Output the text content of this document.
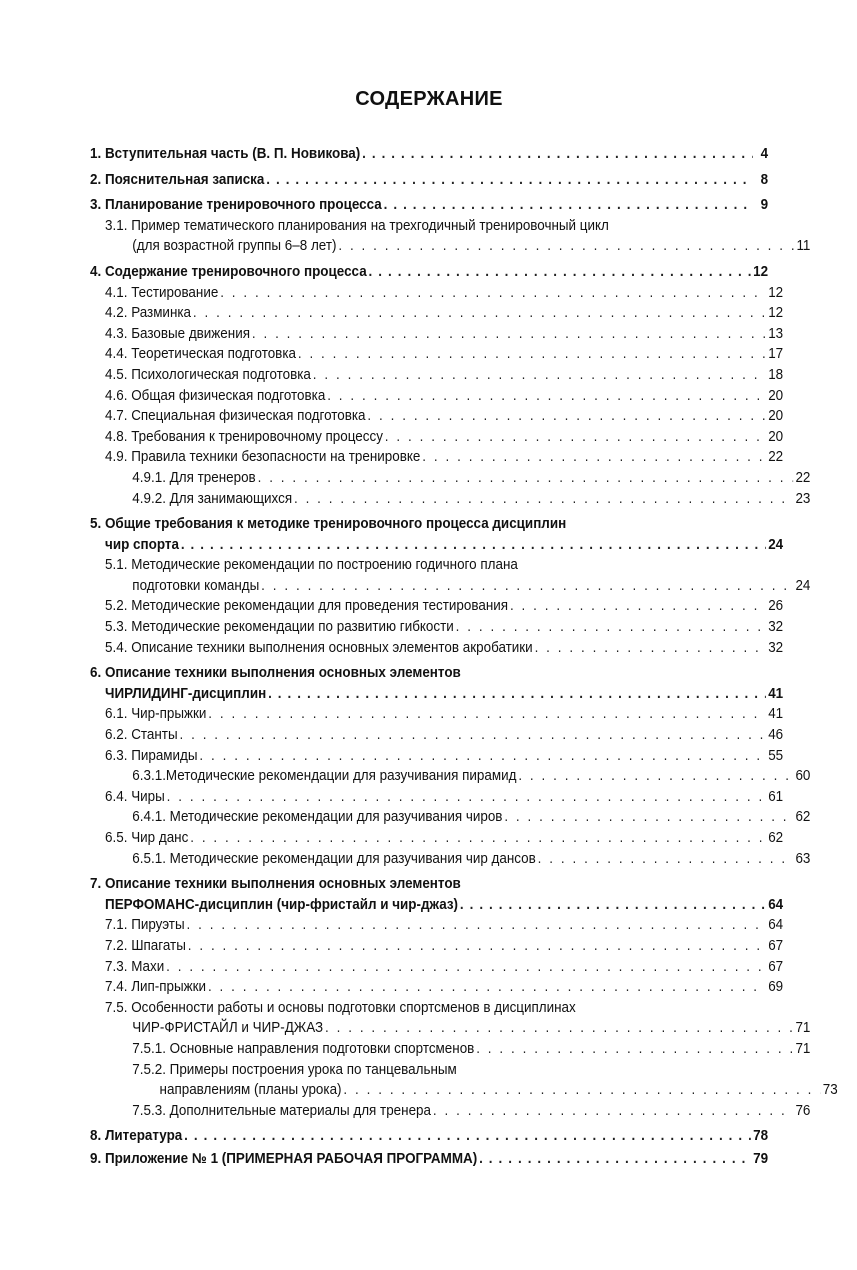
СОДЕРЖАНИЕ
1. Вступительная часть (В. П. Новикова) . . .	4
2. Пояснительная записка . . .	8
3. Планирование тренировочного процесса . . .	9
3.1. Пример тематического планирования на трехгодичный тренировочный цикл
(для возрастной группы 6–8 лет) . . .	11
4. Содержание тренировочного процесса . . .	12
4.1. Тестирование . . .	12
4.2. Разминка . . .	12
4.3. Базовые движения . . .	13
4.4. Теоретическая подготовка . . .	17
4.5. Психологическая подготовка . . .	18
4.6. Общая физическая подготовка . . .	20
4.7. Специальная физическая подготовка . . .	20
4.8. Требования к тренировочному процессу . . .	20
4.9. Правила техники безопасности на тренировке . . .	22
4.9.1. Для тренеров . . .	22
4.9.2. Для занимающихся . . .	23
5. Общие требования к методике тренировочного процесса дисциплин
чир спорта . . .	24
5.1. Методические рекомендации по построению годичного плана
подготовки команды . . .	24
5.2. Методические рекомендации для проведения тестирования . . .	26
5.3. Методические рекомендации по развитию гибкости . . .	32
5.4. Описание техники выполнения основных элементов акробатики . . .	32
6. Описание техники выполнения основных элементов
ЧИРЛИДИНГ-дисциплин . . .	41
6.1. Чир-прыжки . . .	41
6.2. Станты . . .	46
6.3. Пирамиды . . .	55
6.3.1.Методические рекомендации для разучивания пирамид . . .	60
6.4. Чиры . . .	61
6.4.1. Методические рекомендации для разучивания чиров . . .	62
6.5. Чир данс . . .	62
6.5.1. Методические рекомендации для разучивания чир дансов . . .	63
7. Описание техники выполнения основных элементов
ПЕРФОМАНС-дисциплин (чир-фристайл и чир-джаз) . . .	64
7.1. Пируэты . . .	64
7.2. Шпагаты . . .	67
7.3. Махи . . .	67
7.4. Лип-прыжки . . .	69
7.5. Особенности работы и основы подготовки спортсменов в дисциплинах
ЧИР-ФРИСТАЙЛ и ЧИР-ДЖАЗ . . .	71
7.5.1. Основные направления подготовки спортсменов . . .	71
7.5.2. Примеры построения урока по танцевальным
направлениям (планы урока) . . .	73
7.5.3. Дополнительные материалы для тренера . . .	76
8. Литература . . .	78
9. Приложение № 1 (ПРИМЕРНАЯ РАБОЧАЯ ПРОГРАММА) . . .	79
